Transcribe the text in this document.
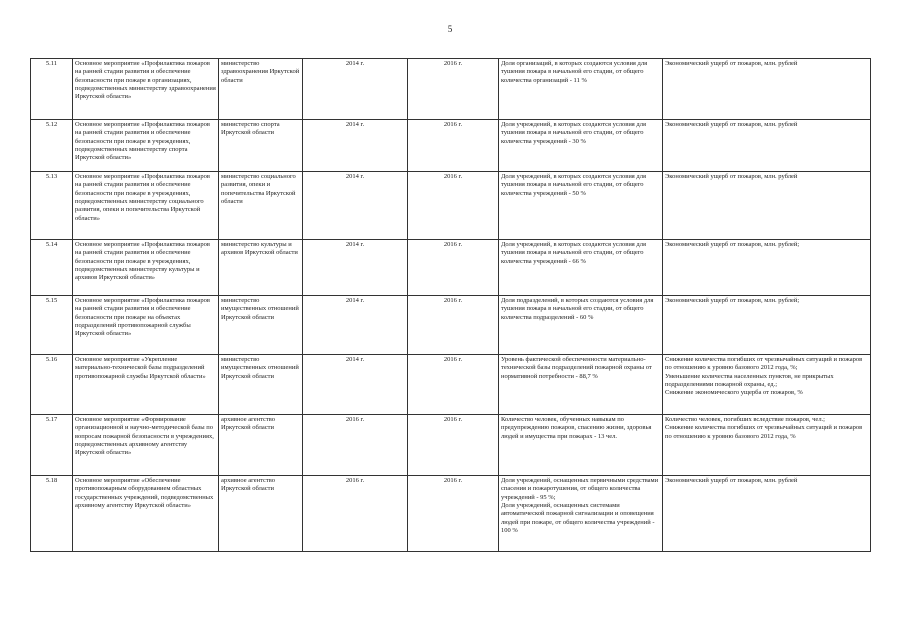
5
5.11	Основное мероприятие «Профилактика пожаров на ранней стадии развития и обеспечение безопасности при пожаре в организациях, подведомственных министерству здравоохранения Иркутской области»	министерство здравоохранения Иркутской области	2014 г.	2016 г.	Доля организаций, в которых создаются условия для тушения пожара в начальной его стадии, от общего количества организаций - 11 %	Экономический ущерб от пожаров, млн. рублей
5.12	Основное мероприятие «Профилактика пожаров на ранней стадии развития и обеспечение безопасности при пожаре в учреждениях, подведомственных министерству спорта Иркутской области»	министерство спорта Иркутской области	2014 г.	2016 г.	Доля учреждений, в которых создаются условия для тушения пожара в начальной его стадии, от общего количества учреждений - 30 %	Экономический ущерб от пожаров, млн. рублей
5.13	Основное мероприятие «Профилактика пожаров на ранней стадии развития и обеспечение безопасности при пожаре в учреждениях, подведомственных министерству социального развития, опеки и попечительства Иркутской области»	министерство социального развития, опеки и попечительства Иркутской области	2014 г.	2016 г.	Доля учреждений, в которых создаются условия для тушения пожара в начальной его стадии, от общего количества учреждений - 50 %	Экономический ущерб от пожаров, млн. рублей
5.14	Основное мероприятие «Профилактика пожаров на ранней стадии развития и обеспечение безопасности при пожаре в учреждениях, подведомственных министерству культуры и архивов Иркутской области»	министерство культуры и архивов Иркутской области	2014 г.	2016 г.	Доля учреждений, в которых создаются условия для тушения пожара в начальной его стадии, от общего количества учреждений - 66 %	Экономический ущерб от пожаров, млн. рублей;
5.15	Основное мероприятие «Профилактика пожаров на ранней стадии развития и обеспечение безопасности при пожаре на объектах подразделений противопожарной службы Иркутской области»	министерство имущественных отношений Иркутской области	2014 г.	2016 г.	Доля подразделений, в которых создаются условия для тушения пожара в начальной его стадии, от общего количества подразделений - 60 %	Экономический ущерб от пожаров, млн. рублей;
5.16	Основное мероприятие «Укрепление материально-технической базы подразделений противопожарной службы Иркутской области»	министерство имущественных отношений Иркутской области	2014 г.	2016 г.	Уровень фактической обеспеченности материально-технической базы подразделений пожарной охраны от нормативной потребности - 88,7 %	Снижение количества погибших от чрезвычайных ситуаций и пожаров по отношению к уровню базового 2012 года, %;
Уменьшение количества населенных пунктов, не прикрытых подразделениями пожарной охраны, ед.;
Снижение экономического ущерба от пожаров, %
5.17	Основное мероприятие «Формирование организационной и научно-методической базы по вопросам пожарной безопасности в учреждениях, подведомственных архивному агентству Иркутской области»	архивное агентство Иркутской области	2016 г.	2016 г.	Количество человек, обученных навыкам по предупреждению пожаров, спасению жизни, здоровья людей и имущества при пожарах - 13 чел.	Количество человек, погибших вследствие пожаров, чел.;
Снижение количества погибших от чрезвычайных ситуаций и пожаров по отношению к уровню базового 2012 года, %
5.18	Основное мероприятие «Обеспечение противопожарным оборудованием областных государственных учреждений, подведомственных архивному агентству Иркутской области»	архивное агентство Иркутской области	2016 г.	2016 г.	Доля учреждений, оснащенных первичными средствами спасения и пожаротушения, от общего количества учреждений - 95 %;
Доля учреждений, оснащенных системами автоматической пожарной сигнализации и оповещения людей при пожаре, от общего количества учреждений - 100 %	Экономический ущерб от пожаров, млн. рублей
